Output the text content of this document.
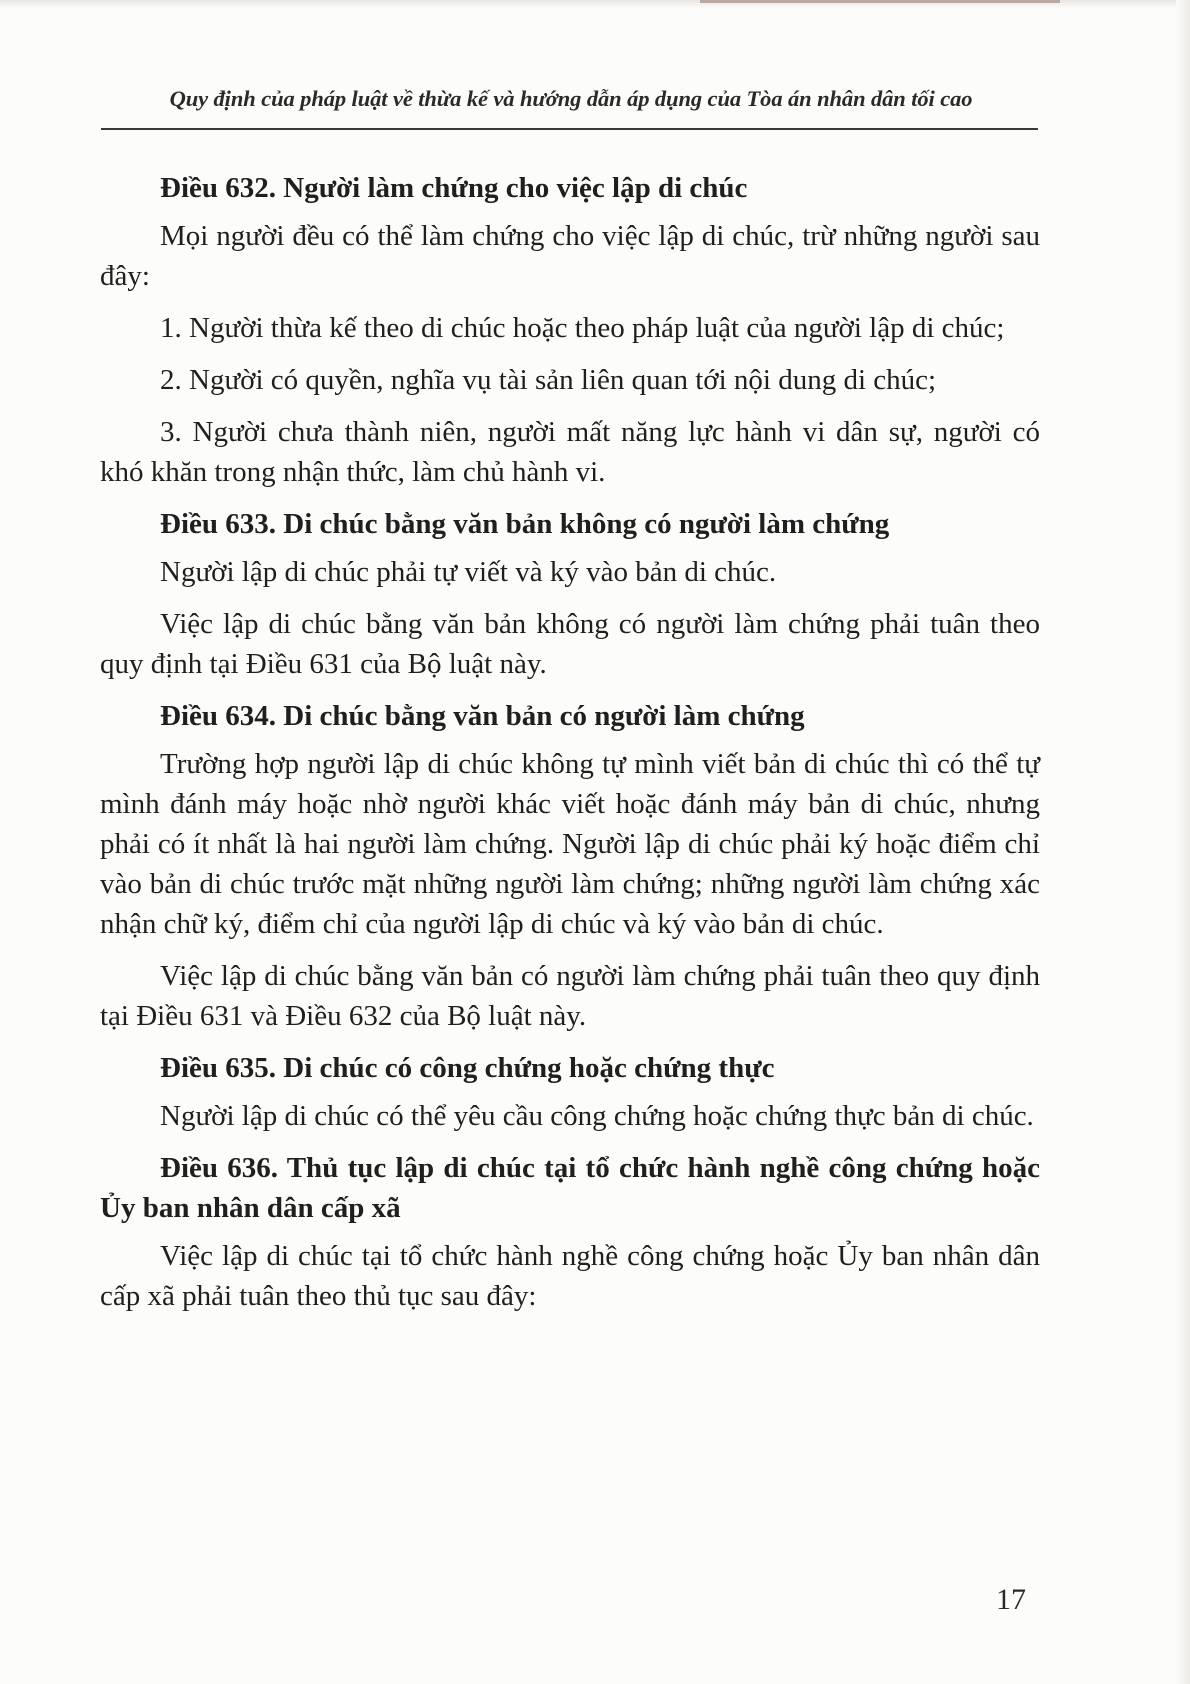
Quy định của pháp luật về thừa kế và hướng dẫn áp dụng của Tòa án nhân dân tối cao
Điều 632. Người làm chứng cho việc lập di chúc
Mọi người đều có thể làm chứng cho việc lập di chúc, trừ những người sau đây:
1. Người thừa kế theo di chúc hoặc theo pháp luật của người lập di chúc;
2. Người có quyền, nghĩa vụ tài sản liên quan tới nội dung di chúc;
3. Người chưa thành niên, người mất năng lực hành vi dân sự, người có khó khăn trong nhận thức, làm chủ hành vi.
Điều 633. Di chúc bằng văn bản không có người làm chứng
Người lập di chúc phải tự viết và ký vào bản di chúc.
Việc lập di chúc bằng văn bản không có người làm chứng phải tuân theo quy định tại Điều 631 của Bộ luật này.
Điều 634. Di chúc bằng văn bản có người làm chứng
Trường hợp người lập di chúc không tự mình viết bản di chúc thì có thể tự mình đánh máy hoặc nhờ người khác viết hoặc đánh máy bản di chúc, nhưng phải có ít nhất là hai người làm chứng. Người lập di chúc phải ký hoặc điểm chỉ vào bản di chúc trước mặt những người làm chứng; những người làm chứng xác nhận chữ ký, điểm chỉ của người lập di chúc và ký vào bản di chúc.
Việc lập di chúc bằng văn bản có người làm chứng phải tuân theo quy định tại Điều 631 và Điều 632 của Bộ luật này.
Điều 635. Di chúc có công chứng hoặc chứng thực
Người lập di chúc có thể yêu cầu công chứng hoặc chứng thực bản di chúc.
Điều 636. Thủ tục lập di chúc tại tổ chức hành nghề công chứng hoặc Ủy ban nhân dân cấp xã
Việc lập di chúc tại tổ chức hành nghề công chứng hoặc Ủy ban nhân dân cấp xã phải tuân theo thủ tục sau đây:
17
